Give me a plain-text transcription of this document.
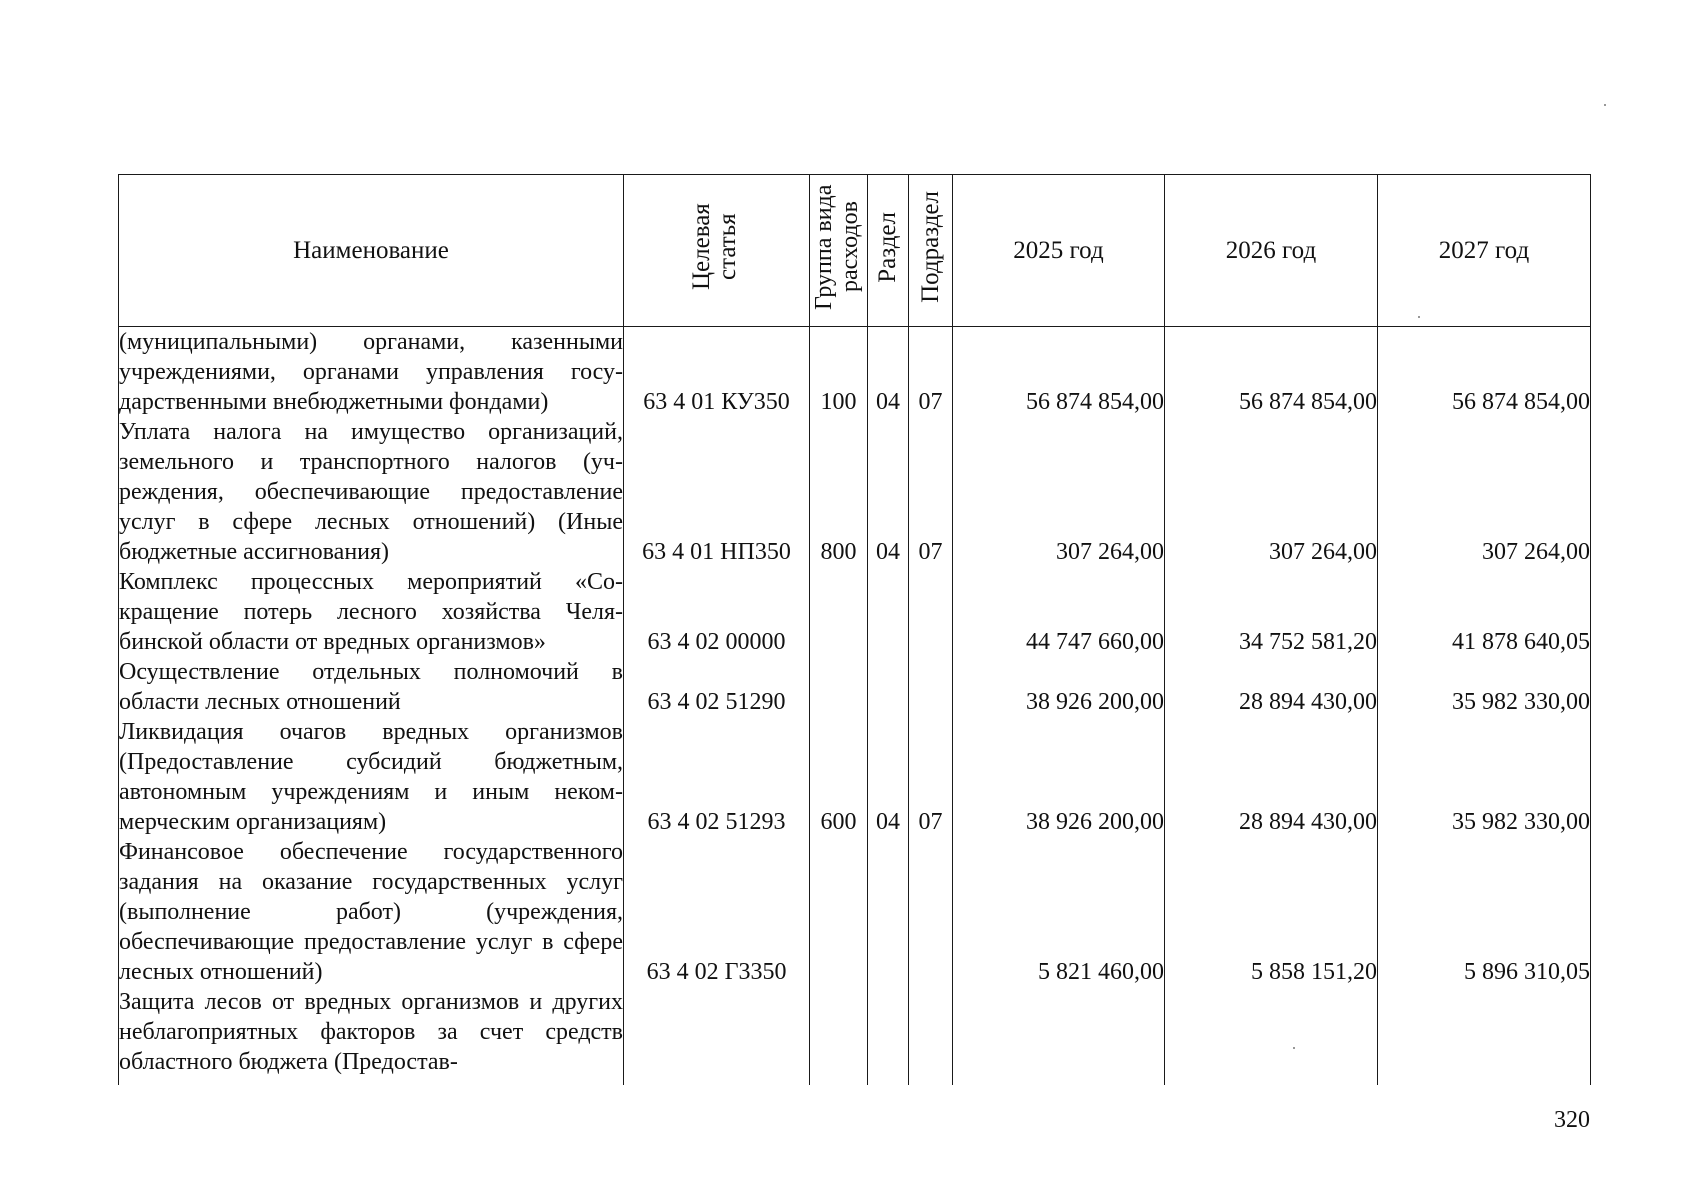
Наименование	Целевая статья	Группа вида расходов	Раздел	Подраздел	2025 год	2026 год	2027 год
(муниципальными) органами, казенными учреждениями, органами управления государственными внебюджетными фондами)	63 4 01 КУ350	100	04	07	56 874 854,00	56 874 854,00	56 874 854,00
Уплата налога на имущество организаций, земельного и транспортного налогов (учреждения, обеспечивающие предоставление услуг в сфере лесных отношений) (Иные бюджетные ассигнования)	63 4 01 НП350	800	04	07	307 264,00	307 264,00	307 264,00
Комплекс процессных мероприятий «Сокращение потерь лесного хозяйства Челябинской области от вредных организмов»	63 4 02 00000				44 747 660,00	34 752 581,20	41 878 640,05
Осуществление отдельных полномочий в области лесных отношений	63 4 02 51290				38 926 200,00	28 894 430,00	35 982 330,00
Ликвидация очагов вредных организмов (Предоставление субсидий бюджетным, автономным учреждениям и иным некоммерческим организациям)	63 4 02 51293	600	04	07	38 926 200,00	28 894 430,00	35 982 330,00
Финансовое обеспечение государственного задания на оказание государственных услуг (выполнение работ) (учреждения, обеспечивающие предоставление услуг в сфере лесных отношений)	63 4 02 Г3350				5 821 460,00	5 858 151,20	5 896 310,05
Защита лесов от вредных организмов и других неблагоприятных факторов за счет средств областного бюджета (Предостав-							
320
